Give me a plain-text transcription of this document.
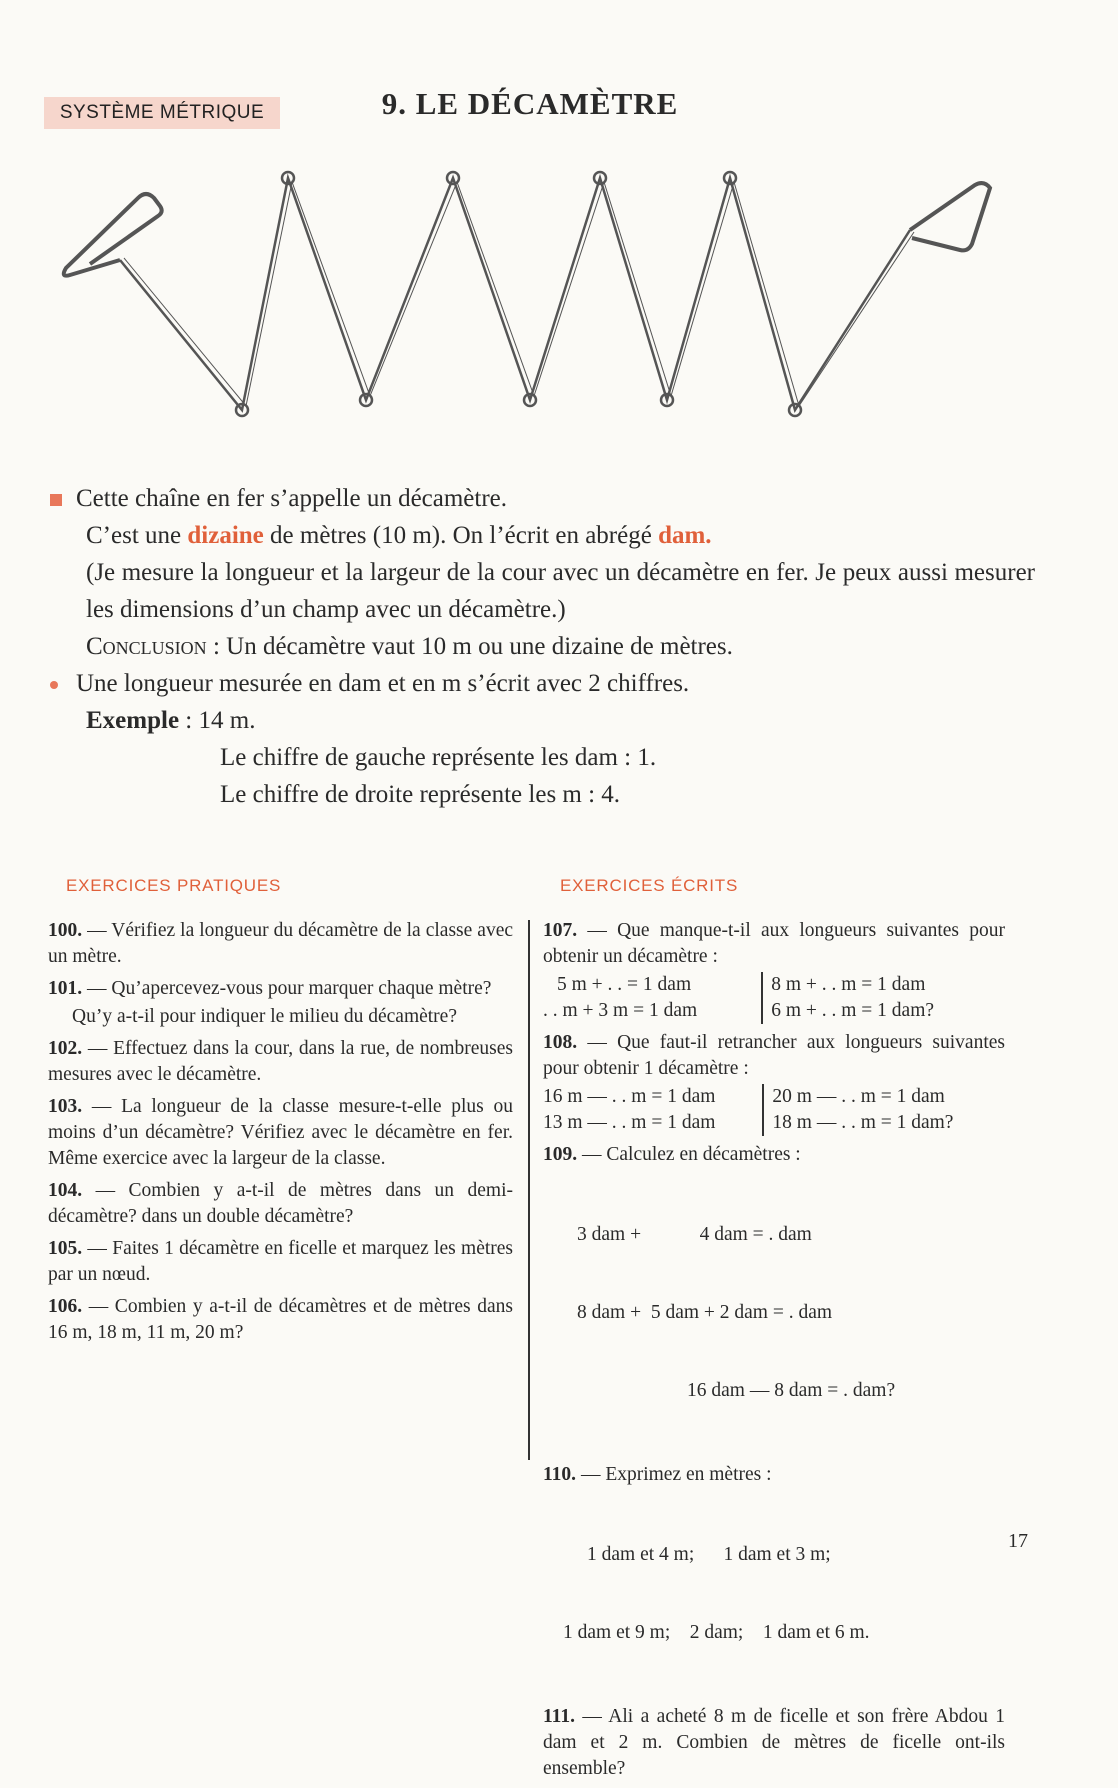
SYSTÈME MÉTRIQUE	9. LE DÉCAMÈTRE

Cette chaîne en fer s’appelle un décamètre.

C’est une dizaine de mètres (10 m). On l’écrit en abrégé dam.

(Je mesure la longueur et la largeur de la cour avec un décamètre en fer. Je peux aussi mesurer les dimensions d’un champ avec un décamètre.)

Conclusion : Un décamètre vaut 10 m ou une dizaine de mètres.

Une longueur mesurée en dam et en m s’écrit avec 2 chiffres.

Exemple : 14 m.

Le chiffre de gauche représente les dam : 1.

Le chiffre de droite représente les m : 4.

EXERCICES PRATIQUES	EXERCICES ÉCRITS

100. — Vérifiez la longueur du décamètre de la classe avec un mètre.

101. — Qu’apercevez-vous pour marquer chaque mètre?

Qu’y a-t-il pour indiquer le milieu du décamètre?

102. — Effectuez dans la cour, dans la rue, de nombreuses mesures avec le décamètre.

103. — La longueur de la classe mesure-t-elle plus ou moins d’un décamètre? Vérifiez avec le décamètre en fer. Même exercice avec la largeur de la classe.

104. — Combien y a-t-il de mètres dans un demi-décamètre? dans un double décamètre?

105. — Faites 1 décamètre en ficelle et marquez les mètres par un nœud.

106. — Combien y a-t-il de décamètres et de mètres dans 16 m, 18 m, 11 m, 20 m?

107. — Que manque-t-il aux longueurs suivantes pour obtenir un décamètre :

5 m + . . = 1 dam	8 m + . . m = 1 dam
. . m + 3 m = 1 dam	6 m + . . m = 1 dam?

108. — Que faut-il retrancher aux longueurs suivantes pour obtenir 1 décamètre :

16 m — . . m = 1 dam	20 m — . . m = 1 dam
13 m — . . m = 1 dam	18 m — . . m = 1 dam?

109. — Calculez en décamètres :

3 dam +            4 dam = . dam

8 dam +  5 dam + 2 dam = . dam

16 dam — 8 dam = . dam?

110. — Exprimez en mètres :

1 dam et 4 m;      1 dam et 3 m;

1 dam et 9 m;    2 dam;    1 dam et 6 m.

111. — Ali a acheté 8 m de ficelle et son frère Abdou 1 dam et 2 m. Combien de mètres de ficelle ont-ils ensemble?

17
